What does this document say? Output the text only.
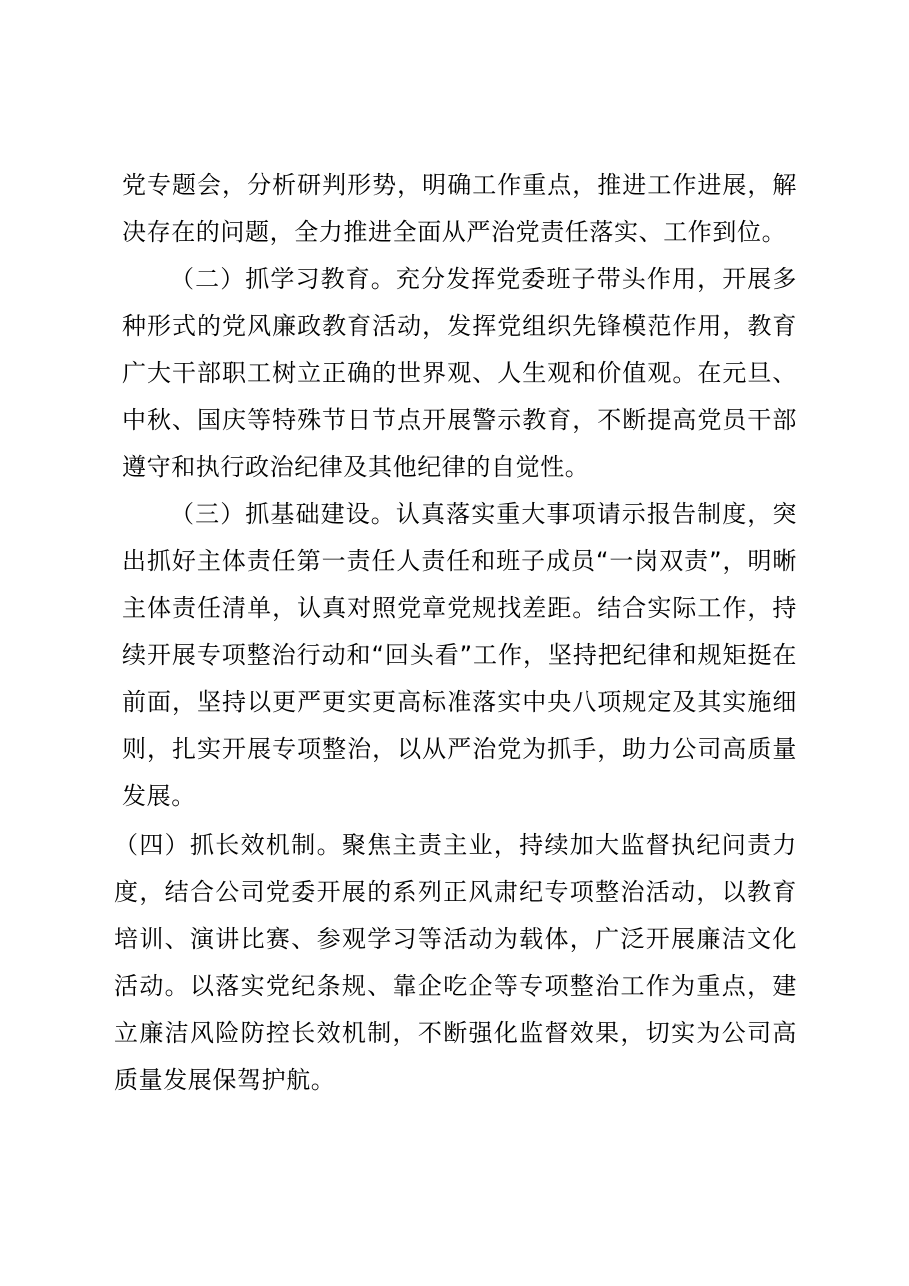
党专题会，分析研判形势，明确工作重点，推进工作进展，解决存在的问题，全力推进全面从严治党责任落实、工作到位。

（二）抓学习教育。充分发挥党委班子带头作用，开展多种形式的党风廉政教育活动，发挥党组织先锋模范作用，教育广大干部职工树立正确的世界观、人生观和价值观。在元旦、中秋、国庆等特殊节日节点开展警示教育，不断提高党员干部遵守和执行政治纪律及其他纪律的自觉性。

（三）抓基础建设。认真落实重大事项请示报告制度，突出抓好主体责任第一责任人责任和班子成员“一岗双责”，明晰主体责任清单，认真对照党章党规找差距。结合实际工作，持续开展专项整治行动和“回头看”工作，坚持把纪律和规矩挺在前面，坚持以更严更实更高标准落实中央八项规定及其实施细则，扎实开展专项整治，以从严治党为抓手，助力公司高质量发展。

（四）抓长效机制。聚焦主责主业，持续加大监督执纪问责力度，结合公司党委开展的系列正风肃纪专项整治活动，以教育培训、演讲比赛、参观学习等活动为载体，广泛开展廉洁文化活动。以落实党纪条规、靠企吃企等专项整治工作为重点，建立廉洁风险防控长效机制，不断强化监督效果，切实为公司高质量发展保驾护航。
